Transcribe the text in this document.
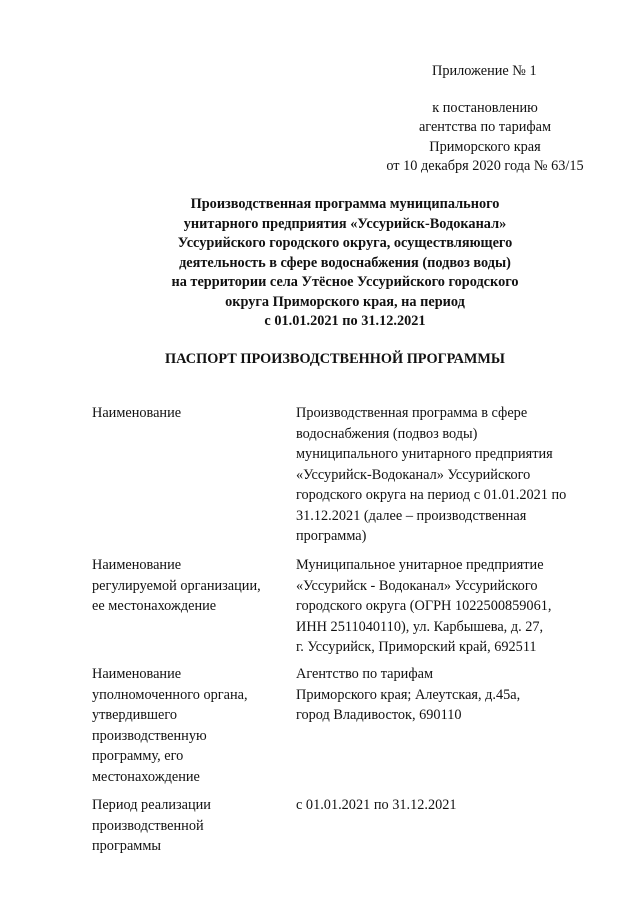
Приложение № 1
к постановлению
агентства по тарифам
Приморского края
от 10 декабря 2020 года № 63/15
Производственная программа муниципального
унитарного предприятия «Уссурийск-Водоканал»
Уссурийского городского округа, осуществляющего
деятельность в сфере водоснабжения (подвоз воды)
на территории села Утёсное Уссурийского городского
округа Приморского края, на период
с 01.01.2021 по 31.12.2021
ПАСПОРТ ПРОИЗВОДСТВЕННОЙ ПРОГРАММЫ
Наименование	Производственная программа в сфере
водоснабжения (подвоз воды)
муниципального унитарного предприятия
«Уссурийск-Водоканал» Уссурийского
городского округа на период с 01.01.2021 по
31.12.2021 (далее – производственная
программа)
Наименование
регулируемой организации,
ее местонахождение
Муниципальное унитарное предприятие
«Уссурийск - Водоканал» Уссурийского
городского округа (ОГРН 1022500859061,
ИНН 2511040110), ул. Карбышева, д. 27,
г. Уссурийск, Приморский край, 692511
Наименование
уполномоченного органа,
утвердившего
производственную
программу, его
местонахождение
Агентство по тарифам
Приморского края; Алеутская, д.45а,
город Владивосток, 690110
Период реализации
производственной
программы
с 01.01.2021 по 31.12.2021
